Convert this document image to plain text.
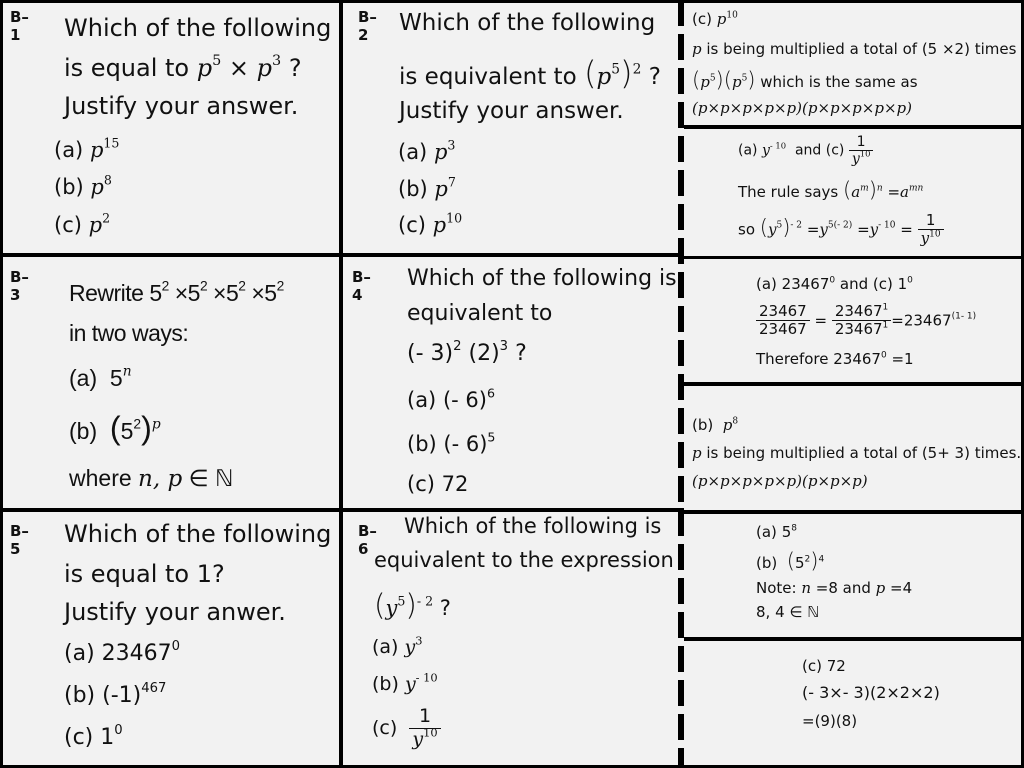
B–1	Which of the following
is equal to $p^5 \times p^3$ ?
Justify your answer.
(a) $p^{15}$
(b) $p^8$
(c) $p^2$
B–2	Which of the following
is equivalent to $(p^5)^2$ ?
Justify your answer.
(a) $p^3$
(b) $p^7$
(c) $p^{10}$
B–3	Rewrite $5^2 \times 5^2 \times 5^2 \times 5^2$
in two ways:
(a) 5$^n$
(b) $(5^2)^p$
where n, p ∈ ℕ
B–4
Which of the following is
equivalent to
(- 3)$^2$ $(2)^3$ ?
(a) (- 6)$^6$
(b) (- 6)$^5$
(c) 72
B–5
Which of the following
is equal to 1?
Justify your anwer.
(a) 23467$^0$
(b) $(-1)^{467}$
(c) $1^0$
B–6
Which of the following is
equivalent to the expression
$(y^5)^{- 2}$ ?
(a) $y^3$
(b) $y^{- 10}$
$(c) \frac{1}{y^{10}}$
(c) $p^{10}$
p is being multiplied a total of (5 ×2) times
$(p^5)(p^5)$ which is the same as
(p×p×p×p×p)(p×p×p×p×p)
(a) $y^{- 10}$ and $(c) \frac{1}{y^{10}}$
The rule says $(a^m)^n =a^{mn}$
so $(y^5)^{- 2} =y^{5(- 2)} =y^{- 10} = \frac{1}{y^{10}}$
(a) 23467$^0$ and (c) $1^0$
$\frac{23467}{23467} = \frac{23467^1}{23467^1} =23467^{(1- 1)}$
Therefore $23467^0 =1$
(b) $p^8$
p is being multiplied a total of (5+ 3) times.
(p×p×p×p×p)(p×p×p)
(a) $5^8$
(b) $(5^2)^4$
Note: n =8 and p =4
8, 4 ∈ ℕ
(c) 72
(- 3×- 3)(2×2×2)
=(9)(8)
